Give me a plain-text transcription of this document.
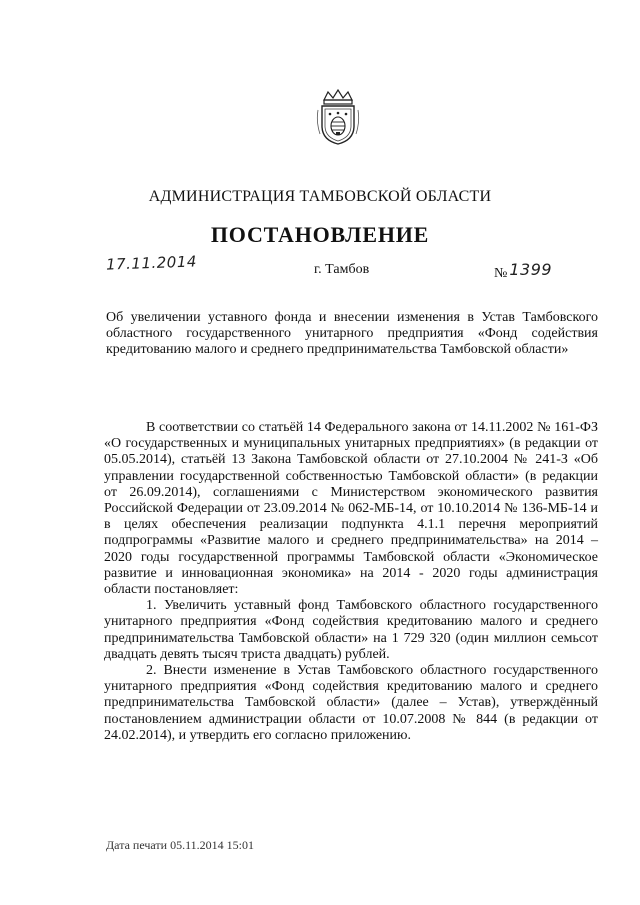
АДМИНИСТРАЦИЯ ТАМБОВСКОЙ ОБЛАСТИ
ПОСТАНОВЛЕНИЕ
17.11.2014	г. Тамбов	№ 1399
Об увеличении уставного фонда и внесении изменения в Устав Тамбовского областного государственного унитарного предприятия «Фонд содействия кредитованию малого и среднего предпринимательства Тамбовской области»

В соответствии со статьёй 14 Федерального закона от 14.11.2002 № 161-ФЗ «О государственных и муниципальных унитарных предприятиях» (в редакции от 05.05.2014), статьёй 13 Закона Тамбовской области от 27.10.2004 № 241-З «Об управлении государственной собственностью Тамбовской области» (в редакции от 26.09.2014), соглашениями с Министерством экономического развития Российской Федерации от 23.09.2014 № 062-МБ-14, от 10.10.2014 № 136-МБ-14 и в целях обеспечения реализации подпункта 4.1.1 перечня мероприятий подпрограммы «Развитие малого и среднего предпринимательства» на 2014 – 2020 годы государственной программы Тамбовской области «Экономическое развитие и инновационная экономика» на 2014 - 2020 годы администрация области постановляет:

1. Увеличить уставный фонд Тамбовского областного государственного унитарного предприятия «Фонд содействия кредитованию малого и среднего предпринимательства Тамбовской области» на 1 729 320 (один миллион семьсот двадцать девять тысяч триста двадцать) рублей.

2. Внести изменение в Устав Тамбовского областного государственного унитарного предприятия «Фонд содействия кредитованию малого и среднего предпринимательства Тамбовской области» (далее – Устав), утверждённый постановлением администрации области от 10.07.2008 № 844 (в редакции от 24.02.2014), и утвердить его согласно приложению.

Дата печати 05.11.2014 15:01
